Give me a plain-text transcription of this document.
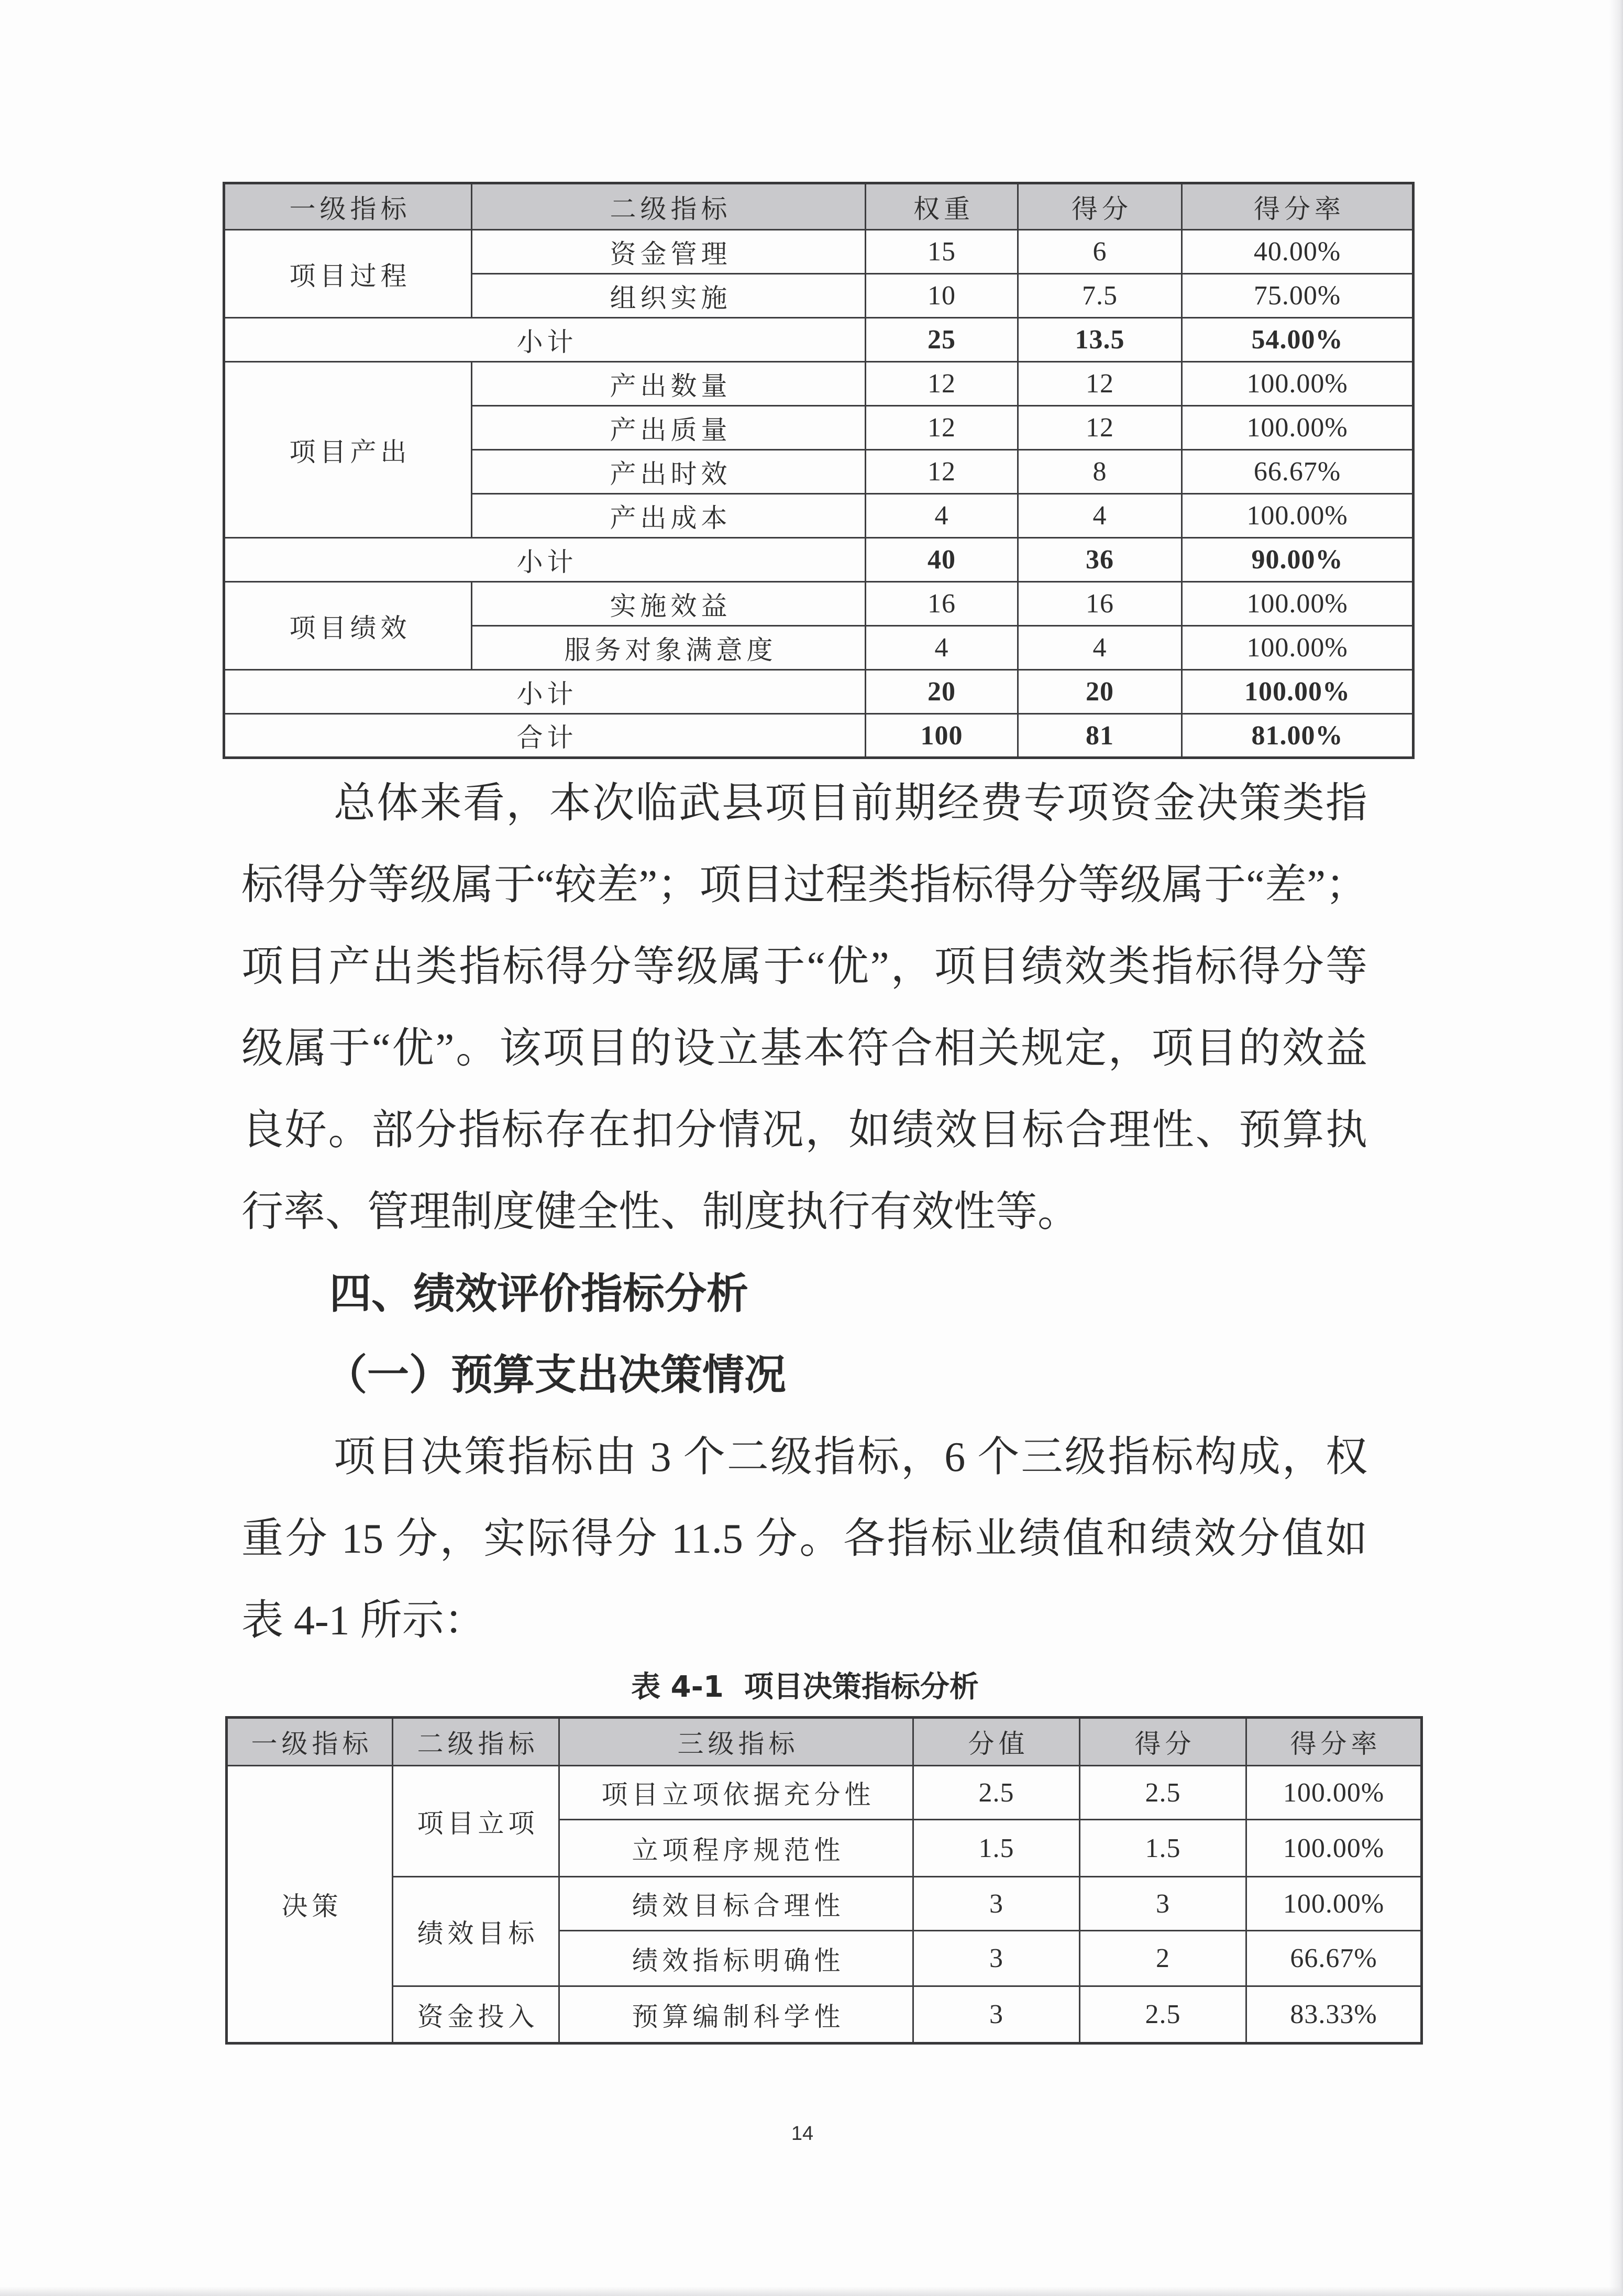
一级指标	二级指标	权重	得分	得分率
项目过程	资金管理	15	6	40.00%
	组织实施	10	7.5	75.00%
小计		25	13.5	54.00%
项目产出	产出数量	12	12	100.00%
	产出质量	12	12	100.00%
	产出时效	12	8	66.67%
	产出成本	4	4	100.00%
小计		40	36	90.00%
项目绩效	实施效益	16	16	100.00%
	服务对象满意度	4	4	100.00%
小计		20	20	100.00%
合计		100	81	81.00%
总体来看，本次临武县项目前期经费专项资金决策类指
标得分等级属于“较差”；项目过程类指标得分等级属于“差”；
项目产出类指标得分等级属于“优”，项目绩效类指标得分等
级属于“优”。该项目的设立基本符合相关规定，项目的效益
良好。部分指标存在扣分情况，如绩效目标合理性、预算执
行率、管理制度健全性、制度执行有效性等。
四、绩效评价指标分析
（一）预算支出决策情况
项目决策指标由 3 个二级指标，6 个三级指标构成，权
重分 15 分，实际得分 11.5 分。各指标业绩值和绩效分值如
表 4-1 所示：
表 4-1  项目决策指标分析
一级指标	二级指标	三级指标	分值	得分	得分率
决策	项目立项	项目立项依据充分性	2.5	2.5	100.00%
		立项程序规范性	1.5	1.5	100.00%
	绩效目标	绩效目标合理性	3	3	100.00%
		绩效指标明确性	3	2	66.67%
	资金投入	预算编制科学性	3	2.5	83.33%
14
